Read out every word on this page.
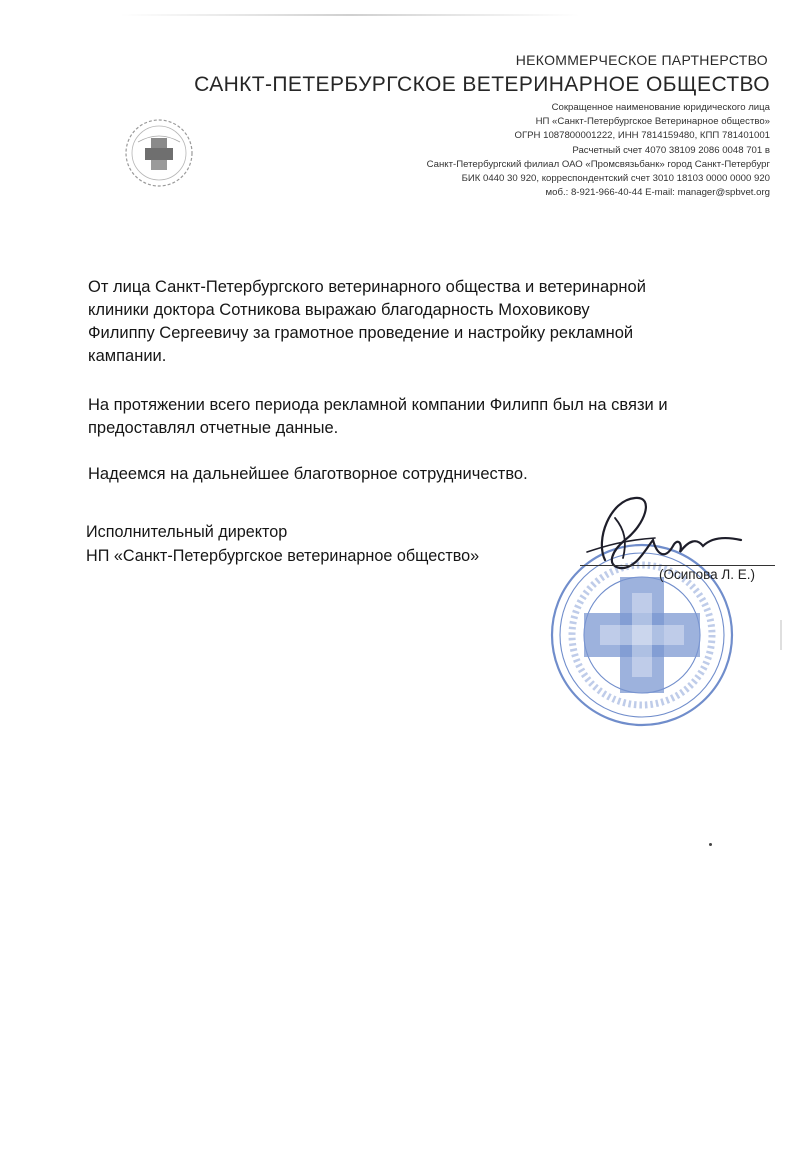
НЕКОММЕРЧЕСКОЕ ПАРТНЕРСТВО
САНКТ-ПЕТЕРБУРГСКОЕ ВЕТЕРИНАРНОЕ ОБЩЕСТВО
Сокращенное наименование юридического лица
НП «Санкт-Петербургское Ветеринарное общество»
ОГРН 1087800001222, ИНН 7814159480, КПП 781401001
Расчетный счет 4070 38109 2086 0048 701 в
Санкт-Петербургский филиал ОАО «Промсвязьбанк» город Санкт-Петербург
БИК 0440 30 920, корреспондентский счет 3010 18103 0000 0000 920
моб.: 8-921-966-40-44 E-mail: manager@spbvet.org
От лица Санкт-Петербургского ветеринарного общества и ветеринарной
клиники доктора Сотникова выражаю благодарность Моховикову
Филиппу Сергеевичу за грамотное проведение и настройку рекламной
кампании.
На протяжении всего периода рекламной компании Филипп был на связи и
предоставлял отчетные данные.
Надеемся на дальнейшее благотворное сотрудничество.
Исполнительный директор
НП «Санкт-Петербургское ветеринарное общество»
(Осипова Л. Е.)
